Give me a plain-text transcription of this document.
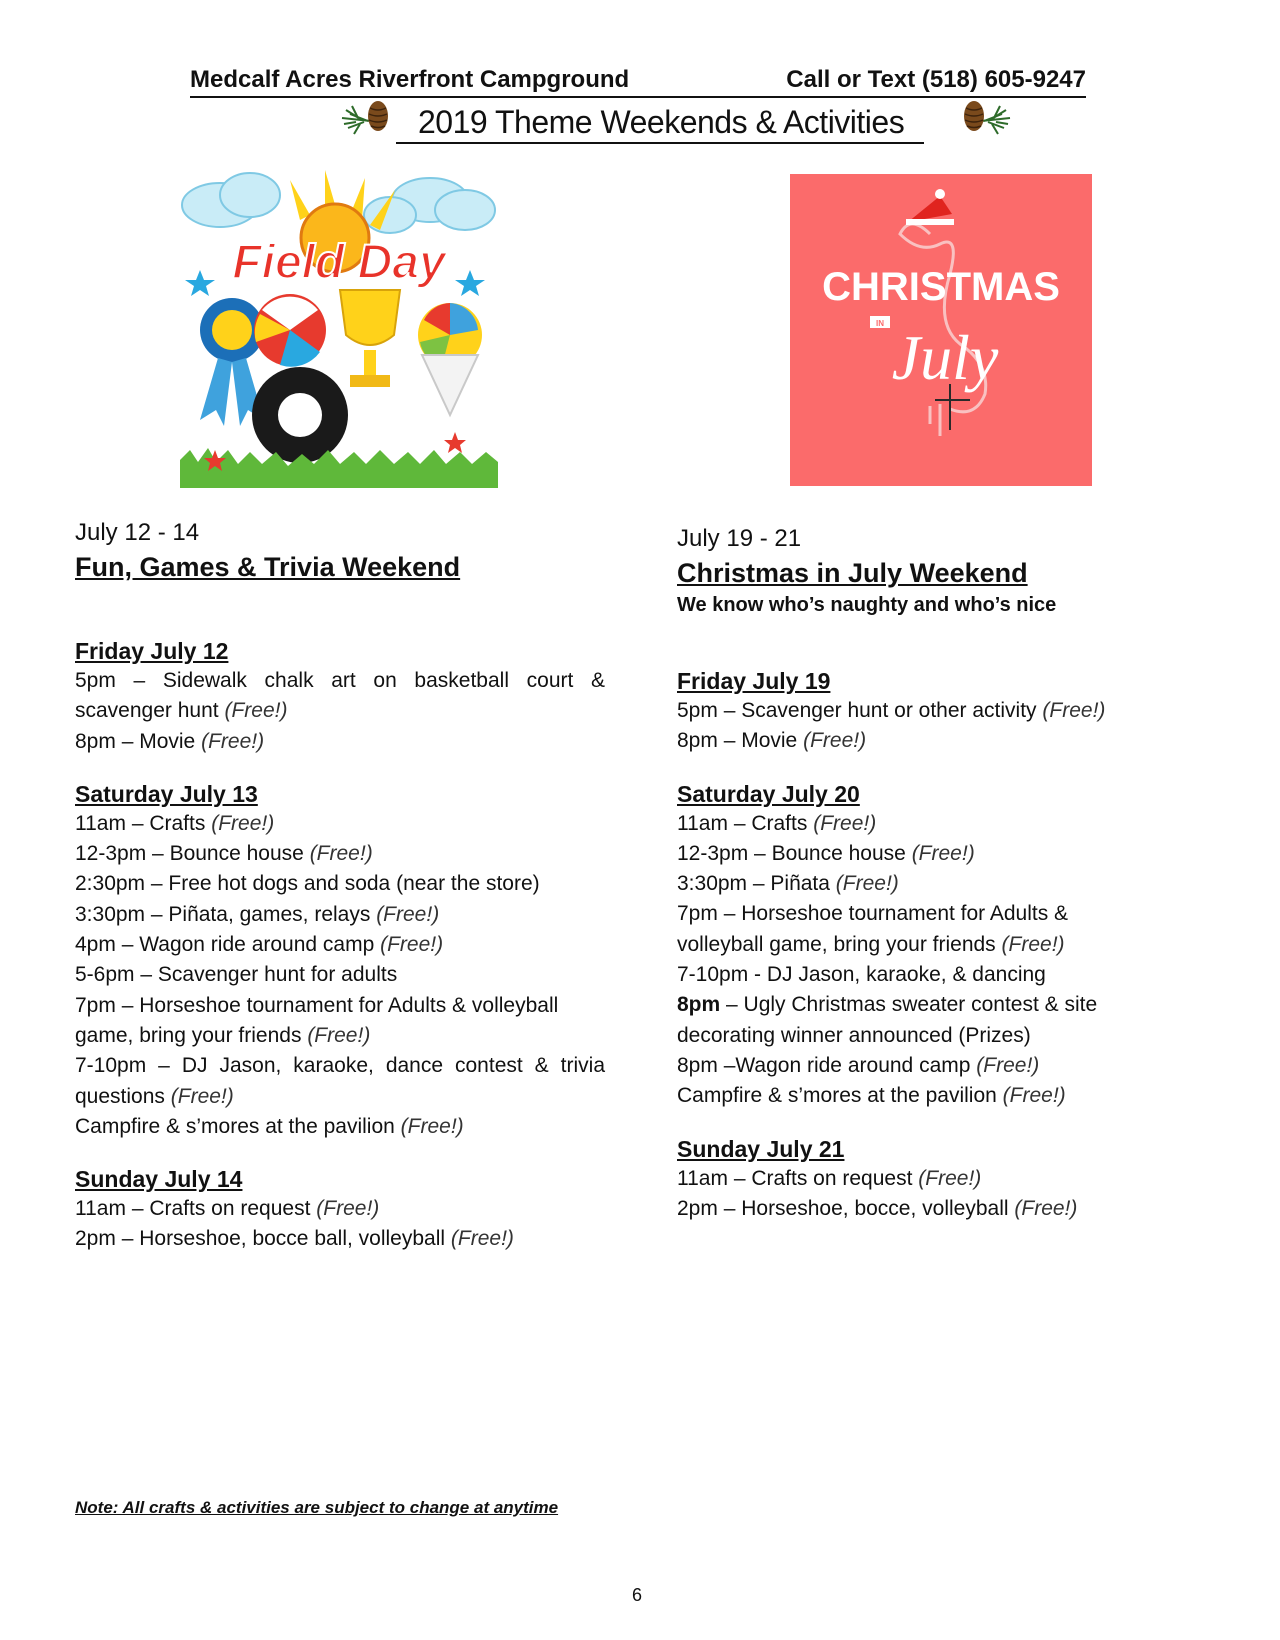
Medcalf Acres Riverfront Campground	Call or Text (518) 605-9247
2019 Theme Weekends & Activities
Field Day	CHRISTMAS
IN July
July 12 - 14
Fun, Games & Trivia Weekend
Friday July 12
5pm – Sidewalk chalk art on basketball court & scavenger hunt (Free!)
8pm – Movie (Free!)
Saturday July 13
11am – Crafts (Free!)
12-3pm – Bounce house (Free!)
2:30pm – Free hot dogs and soda (near the store)
3:30pm – Piñata, games, relays (Free!)
4pm – Wagon ride around camp (Free!)
5-6pm – Scavenger hunt for adults
7pm – Horseshoe tournament for Adults & volleyball game, bring your friends (Free!)
7-10pm – DJ Jason, karaoke, dance contest & trivia questions (Free!)
Campfire & s’mores at the pavilion (Free!)
Sunday July 14
11am – Crafts on request (Free!)
2pm – Horseshoe, bocce ball, volleyball (Free!)
July 19 - 21
Christmas in July Weekend
We know who’s naughty and who’s nice
Friday July 19
5pm – Scavenger hunt or other activity (Free!)
8pm – Movie (Free!)
Saturday July 20
11am – Crafts (Free!)
12-3pm – Bounce house (Free!)
3:30pm – Piñata (Free!)
7pm – Horseshoe tournament for Adults & volleyball game, bring your friends (Free!)
7-10pm - DJ Jason, karaoke, & dancing
8pm – Ugly Christmas sweater contest & site decorating winner announced (Prizes)
8pm –Wagon ride around camp (Free!)
Campfire & s’mores at the pavilion (Free!)
Sunday July 21
11am – Crafts on request (Free!)
2pm – Horseshoe, bocce, volleyball (Free!)
Note: All crafts & activities are subject to change at anytime
6
